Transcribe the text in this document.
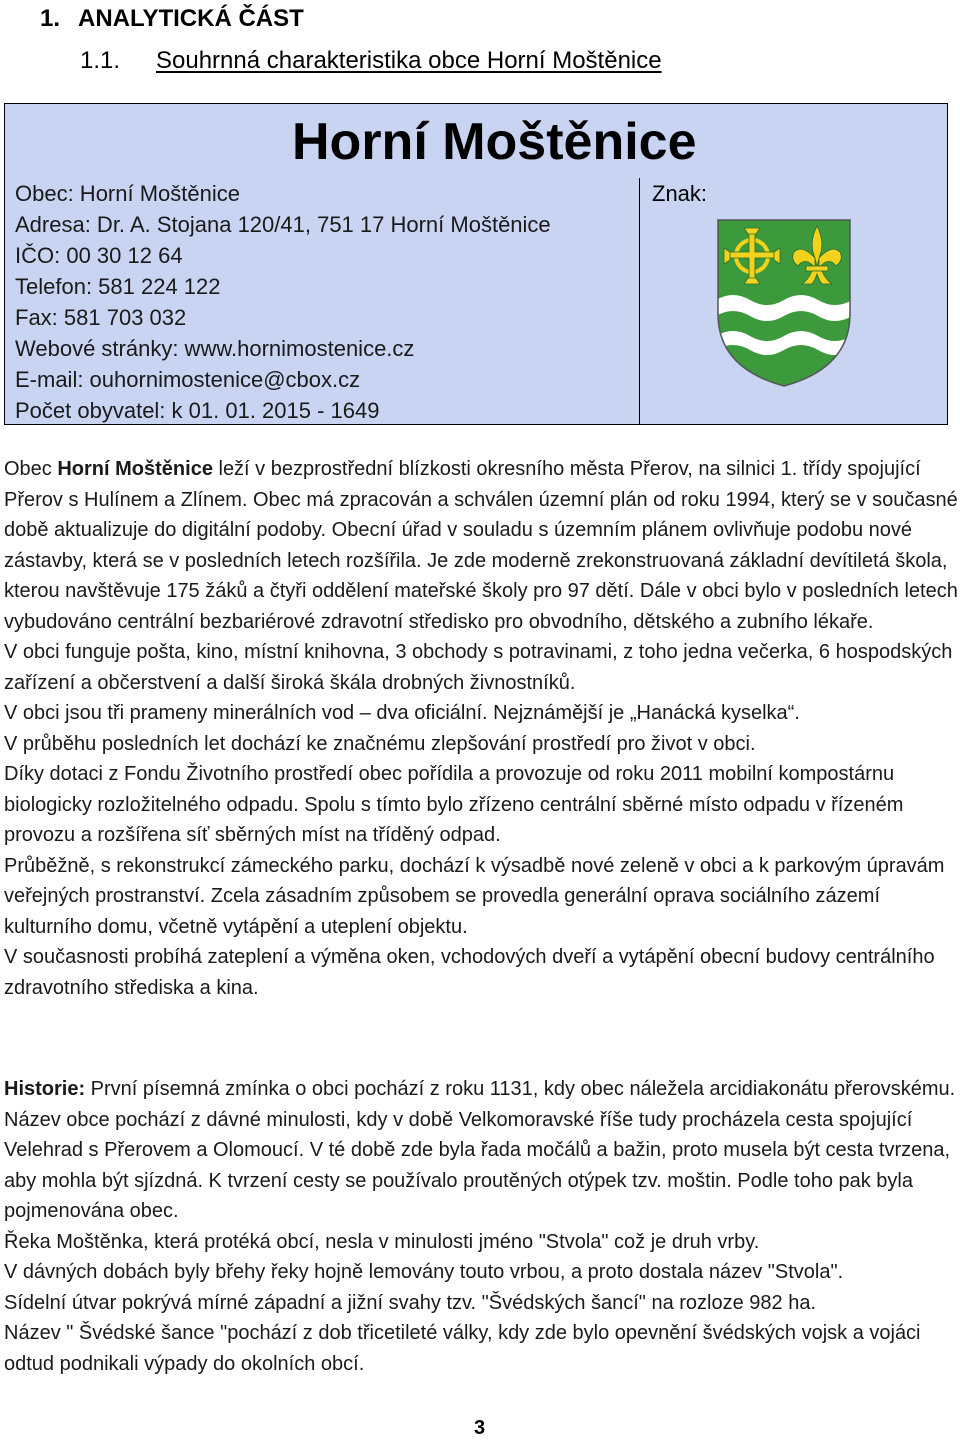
1. ANALYTICKÁ ČÁST
1.1. Souhrnná charakteristika obce Horní Moštěnice
Horní Moštěnice
Obec: Horní Moštěnice
Adresa: Dr. A. Stojana 120/41, 751 17 Horní Moštěnice
IČO: 00 30 12 64
Telefon: 581 224 122
Fax: 581 703 032
Webové stránky: www.hornimostenice.cz
E-mail: ouhornimostenice@cbox.cz
Počet obyvatel: k 01. 01. 2015 - 1649
Znak:

Obec Horní Moštěnice leží v bezprostřední blízkosti okresního města Přerov, na silnici 1. třídy spojující Přerov s Hulínem a Zlínem. Obec má zpracován a schválen územní plán od roku 1994, který se v současné době aktualizuje do digitální podoby. Obecní úřad v souladu s územním plánem ovlivňuje podobu nové zástavby, která se v posledních letech rozšířila. Je zde moderně zrekonstruovaná základní devítiletá škola, kterou navštěvuje 175 žáků a čtyři oddělení mateřské školy pro 97 dětí. Dále v obci bylo v posledních letech vybudováno centrální bezbariérové zdravotní středisko pro obvodního, dětského a zubního lékaře.

V obci funguje pošta, kino, místní knihovna, 3 obchody s potravinami, z toho jedna večerka, 6 hospodských zařízení a občerstvení a další široká škála drobných živnostníků.

V obci jsou tři prameny minerálních vod – dva oficiální. Nejznámější je „Hanácká kyselka“.

V průběhu posledních let dochází ke značnému zlepšování prostředí pro život v obci.

Díky dotaci z Fondu Životního prostředí obec pořídila a provozuje od roku 2011 mobilní kompostárnu biologicky rozložitelného odpadu. Spolu s tímto bylo zřízeno centrální sběrné místo odpadu v řízeném provozu a rozšířena síť sběrných míst na tříděný odpad.

Průběžně, s rekonstrukcí zámeckého parku, dochází k výsadbě nové zeleně v obci a k parkovým úpravám veřejných prostranství. Zcela zásadním způsobem se provedla generální oprava sociálního zázemí kulturního domu, včetně vytápění a uteplení objektu.

V současnosti probíhá zateplení a výměna oken, vchodových dveří a vytápění obecní budovy centrálního zdravotního střediska a kina.

Historie: První písemná zmínka o obci pochází z roku 1131, kdy obec náležela arcidiakonátu přerovskému. Název obce pochází z dávné minulosti, kdy v době Velkomoravské říše tudy procházela cesta spojující Velehrad s Přerovem a Olomoucí. V té době zde byla řada močálů a bažin, proto musela být cesta tvrzena, aby mohla být sjízdná. K tvrzení cesty se používalo proutěných otýpek tzv. moštin. Podle toho pak byla pojmenována obec.

Řeka Moštěnka, která protéká obcí, nesla v minulosti jméno "Stvola" což je druh vrby.

V dávných dobách byly břehy řeky hojně lemovány touto vrbou, a proto dostala název "Stvola".

Sídelní útvar pokrývá mírné západní a jižní svahy tzv. "Švédských šancí" na rozloze 982 ha.

Název " Švédské šance "pochází z dob třicetileté války, kdy zde bylo opevnění švédských vojsk a vojáci odtud podnikali výpady do okolních obcí.

3
